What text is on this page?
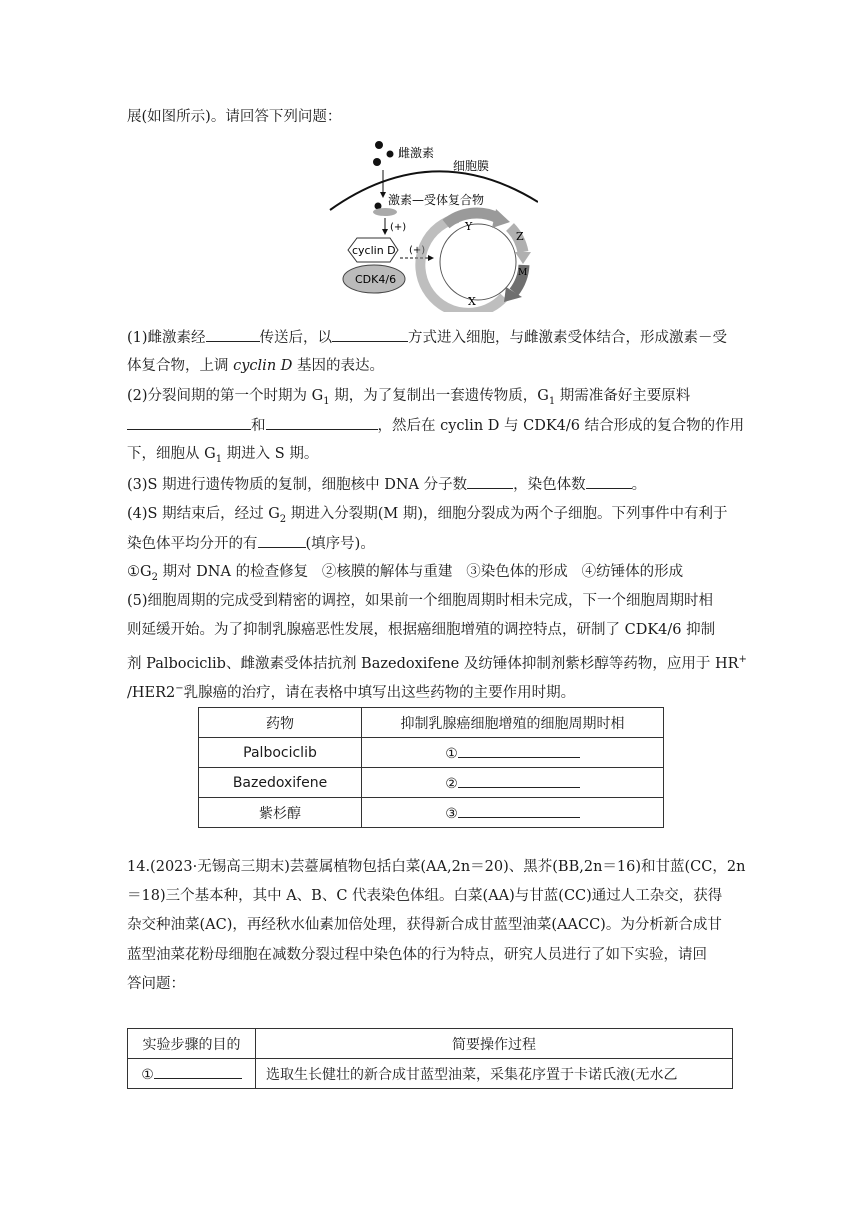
展(如图所示)。请回答下列问题：
雌激素
细胞膜
激素—受体复合物
(+)
cyclin D
CDK4/6
(+)
Y
Z
M
X
(1)雌激素经	传送后，以	方式进入细胞，与雌激素受体结合，形成激素－受
体复合物，上调 cyclin D 基因的表达。
(2)分裂间期的第一个时期为 $G_1$ 期，为了复制出一套遗传物质，$G_1$ 期需准备好主要原料
和	，然后在 cyclin D 与 CDK4/6 结合形成的复合物的作用
下，细胞从 $G_1$ 期进入 S 期。
(3)S 期进行遗传物质的复制，细胞核中 DNA 分子数	，染色体数	。
(4)S 期结束后，经过 $G_2$ 期进入分裂期(M 期)，细胞分裂成为两个子细胞。下列事件中有利于
染色体平均分开的有	(填序号)。
$①G_2$ 期对 DNA 的检查修复 ②核膜的解体与重建 ③染色体的形成 ④纺锤体的形成
(5)细胞周期的完成受到精密的调控，如果前一个细胞周期时相未完成，下一个细胞周期时相
则延缓开始。为了抑制乳腺癌恶性发展，根据癌细胞增殖的调控特点，研制了 CDK4/6 抑制
剂 Palbociclib、雌激素受体拮抗剂 Bazedoxifene 及纺锤体抑制剂紫杉醇等药物，应用于 HR+
/HER2−乳腺癌的治疗，请在表格中填写出这些药物的主要作用时期。
药物	抑制乳腺癌细胞增殖的细胞周期时相
Palbociclib	①
Bazedoxifene	②
紫杉醇	③
14.(2023·无锡高三期末)芸薹属植物包括白菜(AA,2n＝20)、黑芥(BB,2n＝16)和甘蓝(CC，2n
＝18)三个基本种，其中 A、B、C 代表染色体组。白菜(AA)与甘蓝(CC)通过人工杂交，获得
杂交种油菜(AC)，再经秋水仙素加倍处理，获得新合成甘蓝型油菜(AACC)。为分析新合成甘
蓝型油菜花粉母细胞在减数分裂过程中染色体的行为特点，研究人员进行了如下实验，请回
答问题：
实验步骤的目的	简要操作过程
①	选取生长健壮的新合成甘蓝型油菜，采集花序置于卡诺氏液(无水乙
